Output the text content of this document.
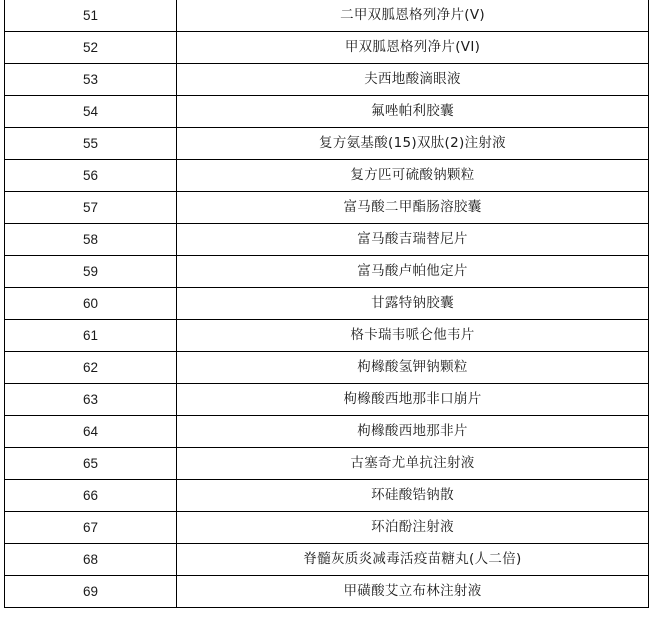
51	二甲双胍恩格列净片(Ⅴ)
52	甲双胍恩格列净片(VI)
53	夫西地酸滴眼液
54	氟唑帕利胶囊
55	复方氨基酸(15)双肽(2)注射液
56	复方匹可硫酸钠颗粒
57	富马酸二甲酯肠溶胶囊
58	富马酸吉瑞替尼片
59	富马酸卢帕他定片
60	甘露特钠胶囊
61	格卡瑞韦哌仑他韦片
62	枸橼酸氢钾钠颗粒
63	枸橼酸西地那非口崩片
64	枸橼酸西地那非片
65	古塞奇尤单抗注射液
66	环硅酸锆钠散
67	环泊酚注射液
68	脊髓灰质炎减毒活疫苗糖丸(人二倍)
69	甲磺酸艾立布林注射液
